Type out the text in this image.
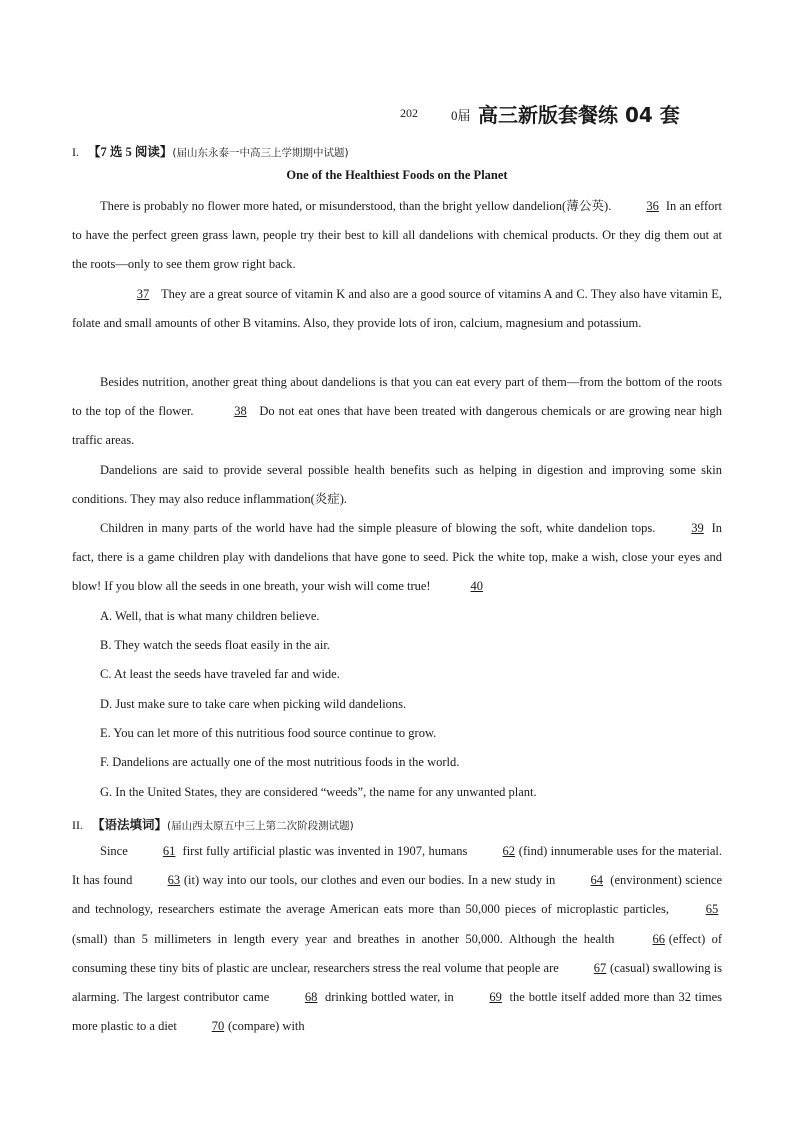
202	0届 高三新版套餐练 04 套
I. 【7 选 5 阅读】(届山东永泰一中高三上学期期中试题)
One of the Healthiest Foods on the Planet

There is probably no flower more hated, or misunderstood, than the bright yellow dandelion(薄公英).	36 In an effort to have the perfect green grass lawn, people try their best to kill all dandelions with chemical products. Or they dig them out at the roots—only to see them grow right back.

37 They are a great source of vitamin K and also are a good source of vitamins A and C. They also have vitamin E, folate and small amounts of other B vitamins. Also, they provide lots of iron, calcium, magnesium and potassium.

Besides nutrition, another great thing about dandelions is that you can eat every part of them—from the bottom of the roots to the top of the flower.	38 Do not eat ones that have been treated with dangerous chemicals or are growing near high traffic areas.

Dandelions are said to provide several possible health benefits such as helping in digestion and improving some skin conditions. They may also reduce inflammation(炎症).

Children in many parts of the world have had the simple pleasure of blowing the soft, white dandelion tops.	39 In fact, there is a game children play with dandelions that have gone to seed. Pick the white top, make a wish, close your eyes and blow! If you blow all the seeds in one breath, your wish will come true!	40

A. Well, that is what many children believe.
B. They watch the seeds float easily in the air.
C. At least the seeds have traveled far and wide.
D. Just make sure to take care when picking wild dandelions.
E. You can let more of this nutritious food source continue to grow.
F. Dandelions are actually one of the most nutritious foods in the world.
G. In the United States, they are considered “weeds”, the name for any unwanted plant.
II. 【语法填词】(届山西太原五中三上第二次阶段测试题)

Since	61 first fully artificial plastic was invented in 1907, humans	62 (find) innumerable uses for the material. It has found	63 (it) way into our tools, our clothes and even our bodies. In a new study in	64 (environment) science and technology, researchers estimate the average American eats more than 50,000 pieces of microplastic particles,	65(small) than 5 millimeters in length every year and breathes in another 50,000. Although the health	66 (effect) of consuming these tiny bits of plastic are unclear, researchers stress the real volume that people are	67 (casual) swallowing is alarming. The largest contributor came	68 drinking bottled water, in	69 the bottle itself added more than 32 times more plastic to a diet	70 (compare) with
